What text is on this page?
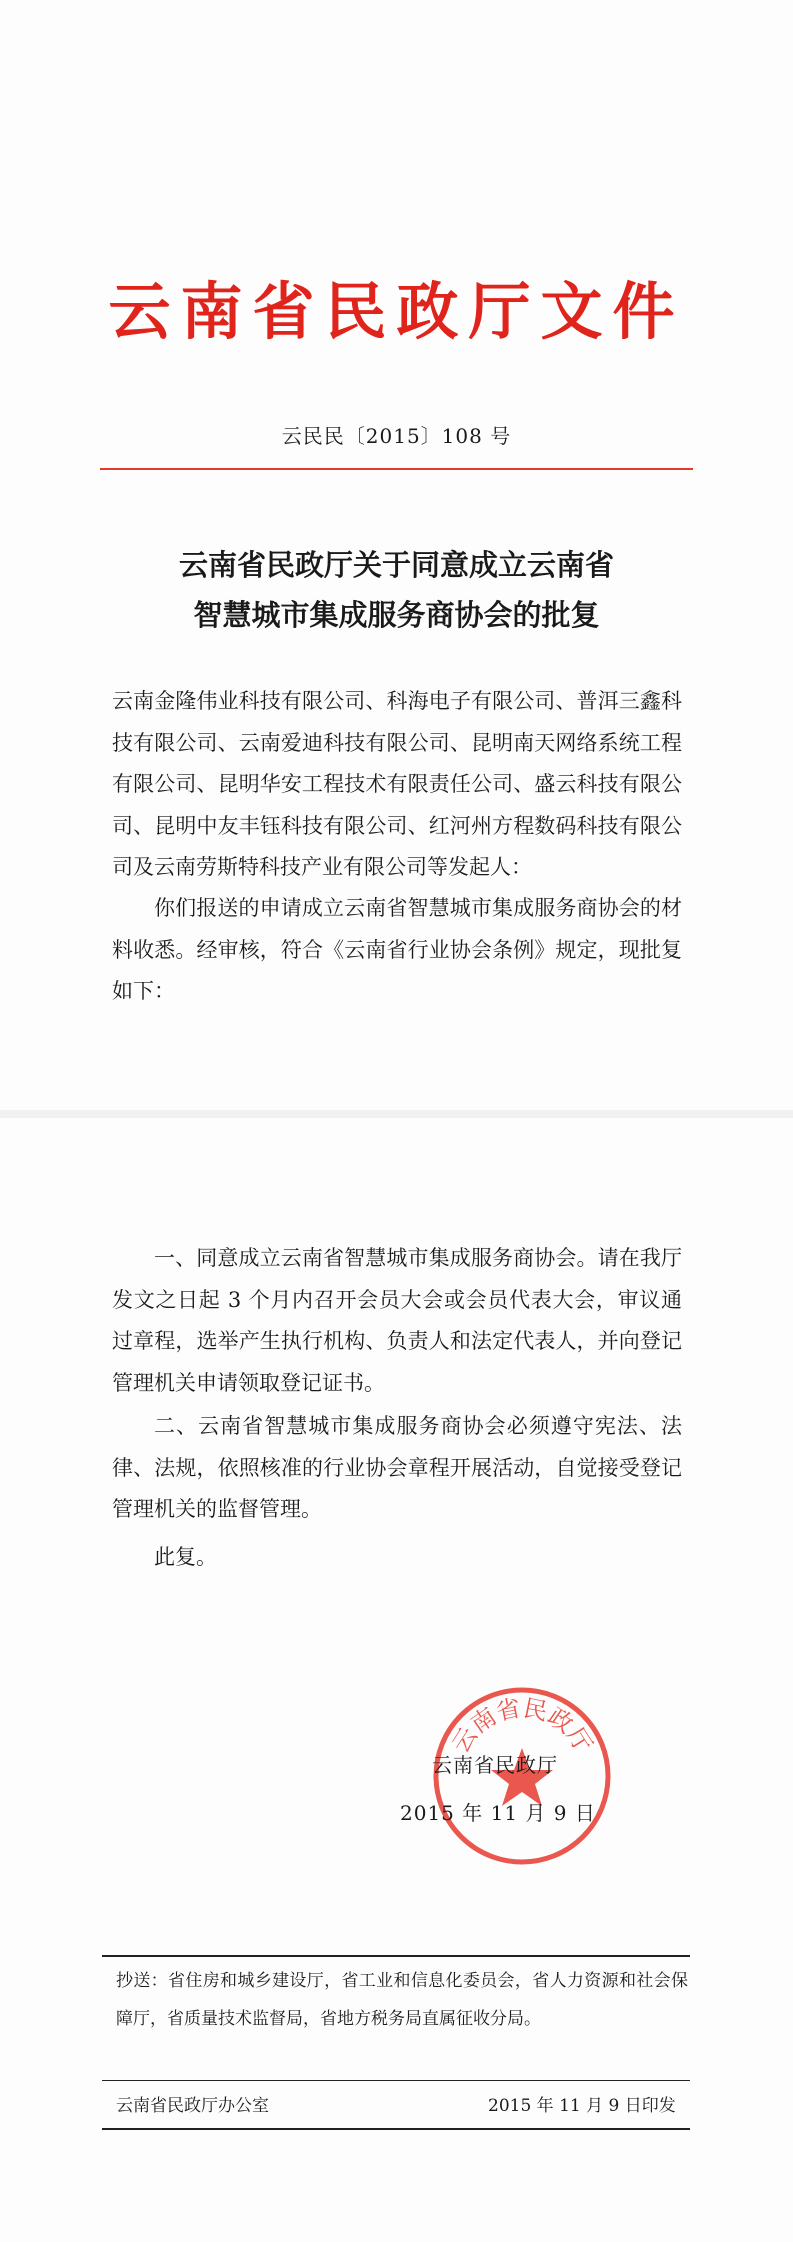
云南省民政厅文件
云民民〔2015〕108 号
云南省民政厅关于同意成立云南省
智慧城市集成服务商协会的批复
云南金隆伟业科技有限公司、科海电子有限公司、普洱三鑫科技有限公司、云南爱迪科技有限公司、昆明南天网络系统工程有限公司、昆明华安工程技术有限责任公司、盛云科技有限公司、昆明中友丰钰科技有限公司、红河州方程数码科技有限公司及云南劳斯特科技产业有限公司等发起人：
你们报送的申请成立云南省智慧城市集成服务商协会的材料收悉。经审核，符合《云南省行业协会条例》规定，现批复如下：

一、同意成立云南省智慧城市集成服务商协会。请在我厅发文之日起 3 个月内召开会员大会或会员代表大会，审议通过章程，选举产生执行机构、负责人和法定代表人，并向登记管理机关申请领取登记证书。

二、云南省智慧城市集成服务商协会必须遵守宪法、法律、法规，依照核准的行业协会章程开展活动，自觉接受登记管理机关的监督管理。

此复。
云南省民政厅
云南省民政厅
2015 年 11 月 9 日
抄送：省住房和城乡建设厅，省工业和信息化委员会，省人力资源和社会保障厅，省质量技术监督局，省地方税务局直属征收分局。
云南省民政厅办公室	2015 年 11 月 9 日印发
